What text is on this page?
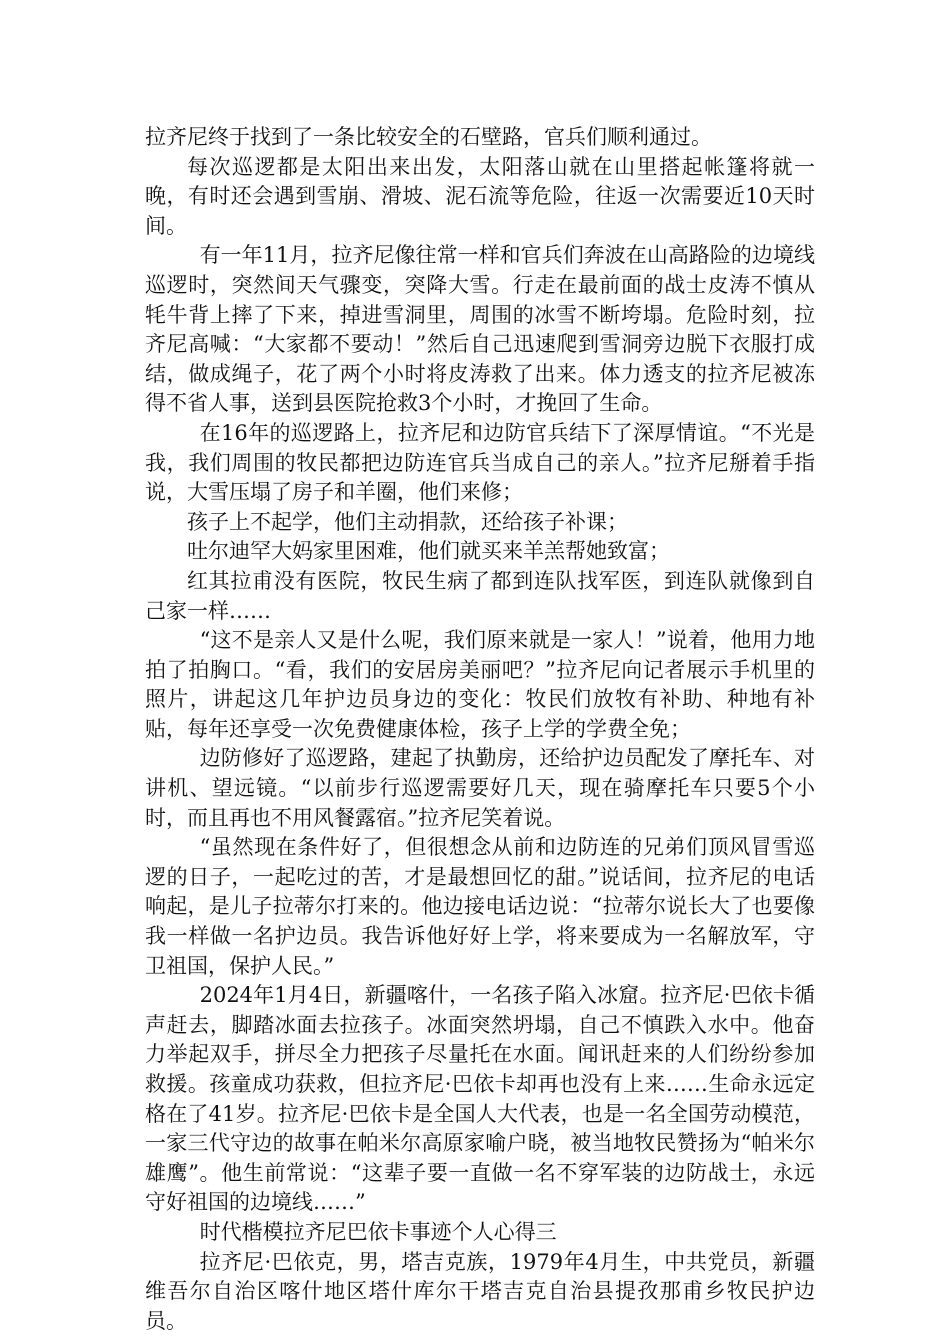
拉齐尼终于找到了一条比较安全的石壁路，官兵们顺利通过。

每次巡逻都是太阳出来出发，太阳落山就在山里搭起帐篷将就一晚，有时还会遇到雪崩、滑坡、泥石流等危险，往返一次需要近10天时间。

有一年11月，拉齐尼像往常一样和官兵们奔波在山高路险的边境线巡逻时，突然间天气骤变，突降大雪。行走在最前面的战士皮涛不慎从牦牛背上摔了下来，掉进雪洞里，周围的冰雪不断垮塌。危险时刻，拉齐尼高喊：“大家都不要动！”然后自己迅速爬到雪洞旁边脱下衣服打成结，做成绳子，花了两个小时将皮涛救了出来。体力透支的拉齐尼被冻得不省人事，送到县医院抢救3个小时，才挽回了生命。

在16年的巡逻路上，拉齐尼和边防官兵结下了深厚情谊。“不光是我，我们周围的牧民都把边防连官兵当成自己的亲人。”拉齐尼掰着手指说，大雪压塌了房子和羊圈，他们来修；

孩子上不起学，他们主动捐款，还给孩子补课；

吐尔迪罕大妈家里困难，他们就买来羊羔帮她致富；

红其拉甫没有医院，牧民生病了都到连队找军医，到连队就像到自己家一样……

“这不是亲人又是什么呢，我们原来就是一家人！”说着，他用力地拍了拍胸口。“看，我们的安居房美丽吧？”拉齐尼向记者展示手机里的照片，讲起这几年护边员身边的变化：牧民们放牧有补助、种地有补贴，每年还享受一次免费健康体检，孩子上学的学费全免；

边防修好了巡逻路，建起了执勤房，还给护边员配发了摩托车、对讲机、望远镜。“以前步行巡逻需要好几天，现在骑摩托车只要5个小时，而且再也不用风餐露宿。”拉齐尼笑着说。

“虽然现在条件好了，但很想念从前和边防连的兄弟们顶风冒雪巡逻的日子，一起吃过的苦，才是最想回忆的甜。”说话间，拉齐尼的电话响起，是儿子拉蒂尔打来的。他边接电话边说：“拉蒂尔说长大了也要像我一样做一名护边员。我告诉他好好上学，将来要成为一名解放军，守卫祖国，保护人民。”

2024年1月4日，新疆喀什，一名孩子陷入冰窟。拉齐尼·巴依卡循声赶去，脚踏冰面去拉孩子。冰面突然坍塌，自己不慎跌入水中。他奋力举起双手，拼尽全力把孩子尽量托在水面。闻讯赶来的人们纷纷参加救援。孩童成功获救，但拉齐尼·巴依卡却再也没有上来……生命永远定格在了41岁。拉齐尼·巴依卡是全国人大代表，也是一名全国劳动模范，一家三代守边的故事在帕米尔高原家喻户晓，被当地牧民赞扬为“帕米尔雄鹰”。他生前常说：“这辈子要一直做一名不穿军装的边防战士，永远守好祖国的边境线……”

时代楷模拉齐尼巴依卡事迹个人心得三

拉齐尼·巴依克，男，塔吉克族，1979年4月生，中共党员，新疆维吾尔自治区喀什地区塔什库尔干塔吉克自治县提孜那甫乡牧民护边员。
